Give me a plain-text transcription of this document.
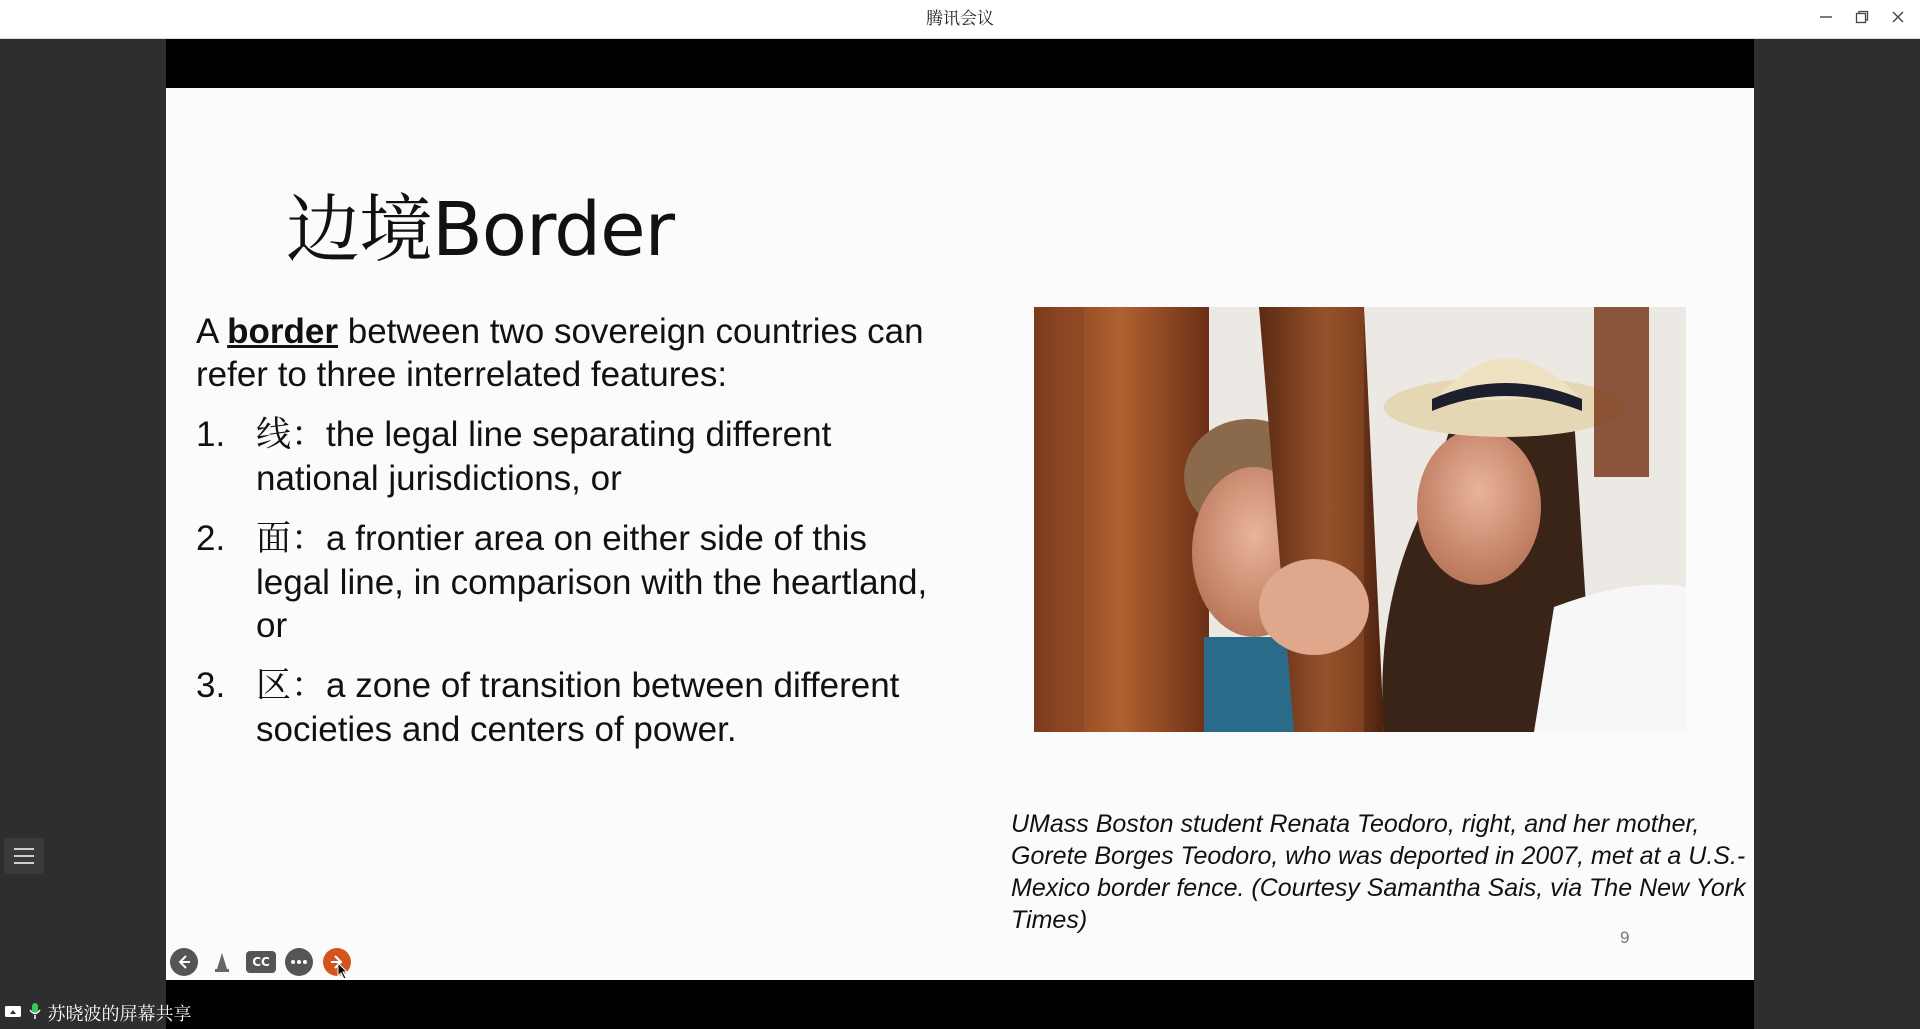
腾讯会议
边境Border

A border between two sovereign countries can refer to three interrelated features:

1. 线：the legal line separating different national jurisdictions, or
2. 面：a frontier area on either side of this legal line, in comparison with the heartland, or
3. 区：a zone of transition between different societies and centers of power.
UMass Boston student Renata Teodoro, right, and her mother, Gorete Borges Teodoro, who was deported in 2007, met at a U.S.-Mexico border fence. (Courtesy Samantha Sais, via The New York Times)
9
CC
苏晓波的屏幕共享
